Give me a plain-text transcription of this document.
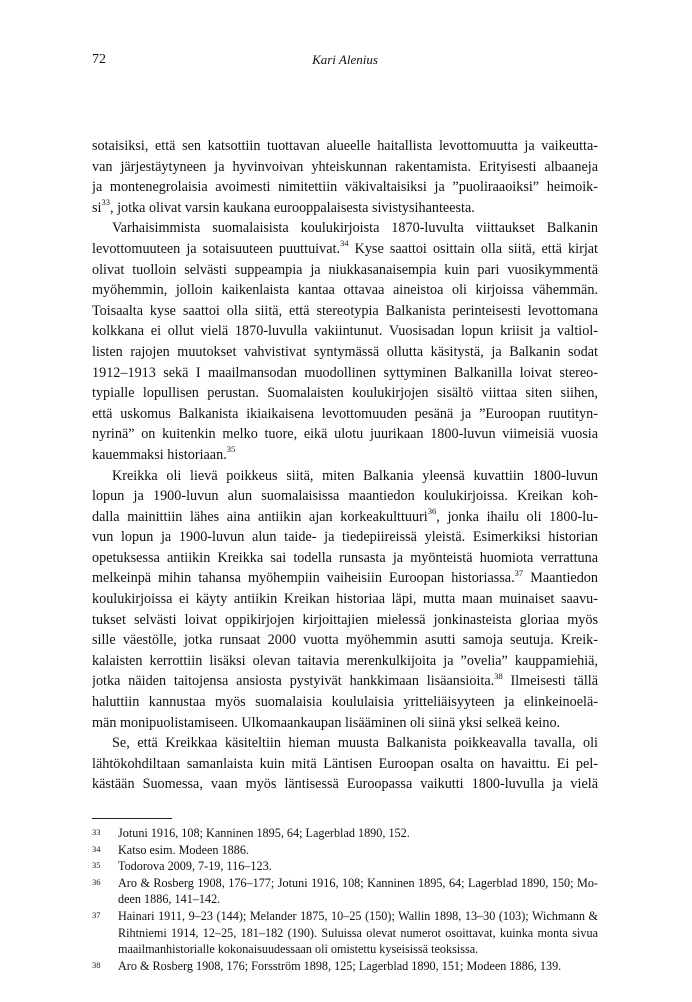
72	Kari Alenius
sotaisiksi, että sen katsottiin tuottavan alueelle haitallista levottomuutta ja vaikeutta-
van järjestäytyneen ja hyvinvoivan yhteiskunnan rakentamista. Erityisesti albaaneja
ja montenegrolaisia avoimesti nimitettiin väkivaltaisiksi ja ”puoliraaoiksi” heimoik-
$si^{33}$, jotka olivat varsin kaukana eurooppalaisesta sivistysihanteesta.
Varhaisimmista suomalaisista koulukirjoista 1870-luvulta viittaukset Balkanin
levottomuuteen ja sotaisuuteen puuttuivat.$^{34}$ Kyse saattoi osittain olla siitä, että kirjat
olivat tuolloin selvästi suppeampia ja niukkasanaisempia kuin pari vuosikymmentä
myöhemmin, jolloin kaikenlaista kantaa ottavaa aineistoa oli kirjoissa vähemmän.
Toisaalta kyse saattoi olla siitä, että stereotypia Balkanista perinteisesti levottomana
kolkkana ei ollut vielä 1870-luvulla vakiintunut. Vuosisadan lopun kriisit ja valtiol-
listen rajojen muutokset vahvistivat syntymässä ollutta käsitystä, ja Balkanin sodat
1912–1913 sekä I maailmansodan muodollinen syttyminen Balkanilla loivat stereo-
typialle lopullisen perustan. Suomalaisten koulukirjojen sisältö viittaa siten siihen,
että uskomus Balkanista ikiaikaisena levottomuuden pesänä ja ”Euroopan ruutityn-
nyrinä” on kuitenkin melko tuore, eikä ulotu juurikaan 1800-luvun viimeisiä vuosia
kauemmaksi historiaan.$^{35}$
Kreikka oli lievä poikkeus siitä, miten Balkania yleensä kuvattiin 1800-luvun
lopun ja 1900-luvun alun suomalaisissa maantiedon koulukirjoissa. Kreikan koh-
dalla mainittiin lähes aina antiikin ajan korkeakulttuuri$^{36}$, jonka ihailu oli 1800-lu-
vun lopun ja 1900-luvun alun taide- ja tiedepiireissä yleistä. Esimerkiksi historian
opetuksessa antiikin Kreikka sai todella runsasta ja myönteistä huomiota verrattuna
melkeinpä mihin tahansa myöhempiin vaiheisiin Euroopan historiassa.$^{37}$ Maantiedon
koulukirjoissa ei käyty antiikin Kreikan historiaa läpi, mutta maan muinaiset saavu-
tukset selvästi loivat oppikirjojen kirjoittajien mielessä jonkinasteista gloriaa myös
sille väestölle, jotka runsaat 2000 vuotta myöhemmin asutti samoja seutuja. Kreik-
kalaisten kerrottiin lisäksi olevan taitavia merenkulkijoita ja ”ovelia” kauppamiehiä,
jotka näiden taitojensa ansiosta pystyivät hankkimaan lisäansioita.$^{38}$ Ilmeisesti tällä
haluttiin kannustaa myös suomalaisia koululaisia yritteliäisyyteen ja elinkeinoelä-
män monipuolistamiseen. Ulkomaankaupan lisääminen oli siinä yksi selkeä keino.
Se, että Kreikkaa käsiteltiin hieman muusta Balkanista poikkeavalla tavalla, oli
lähtökohdiltaan samanlaista kuin mitä Läntisen Euroopan osalta on havaittu. Ei pel-
kästään Suomessa, vaan myös läntisessä Euroopassa vaikutti 1800-luvulla ja vielä
33 Jotuni 1916, 108; Kanninen 1895, 64; Lagerblad 1890, 152.
34 Katso esim. Modeen 1886.
35 Todorova 2009, 7-19, 116–123.
36 Aro & Rosberg 1908, 176–177; Jotuni 1916, 108; Kanninen 1895, 64; Lagerblad 1890, 150; Mo-
deen 1886, 141–142.
37 Hainari 1911, 9–23 (144); Melander 1875, 10–25 (150); Wallin 1898, 13–30 (103); Wichmann &
Rihtniemi 1914, 12–25, 181–182 (190). Suluissa olevat numerot osoittavat, kuinka monta sivua
maailmanhistorialle kokonaisuudessaan oli omistettu kyseisissä teoksissa.
38 Aro & Rosberg 1908, 176; Forsström 1898, 125; Lagerblad 1890, 151; Modeen 1886, 139.
